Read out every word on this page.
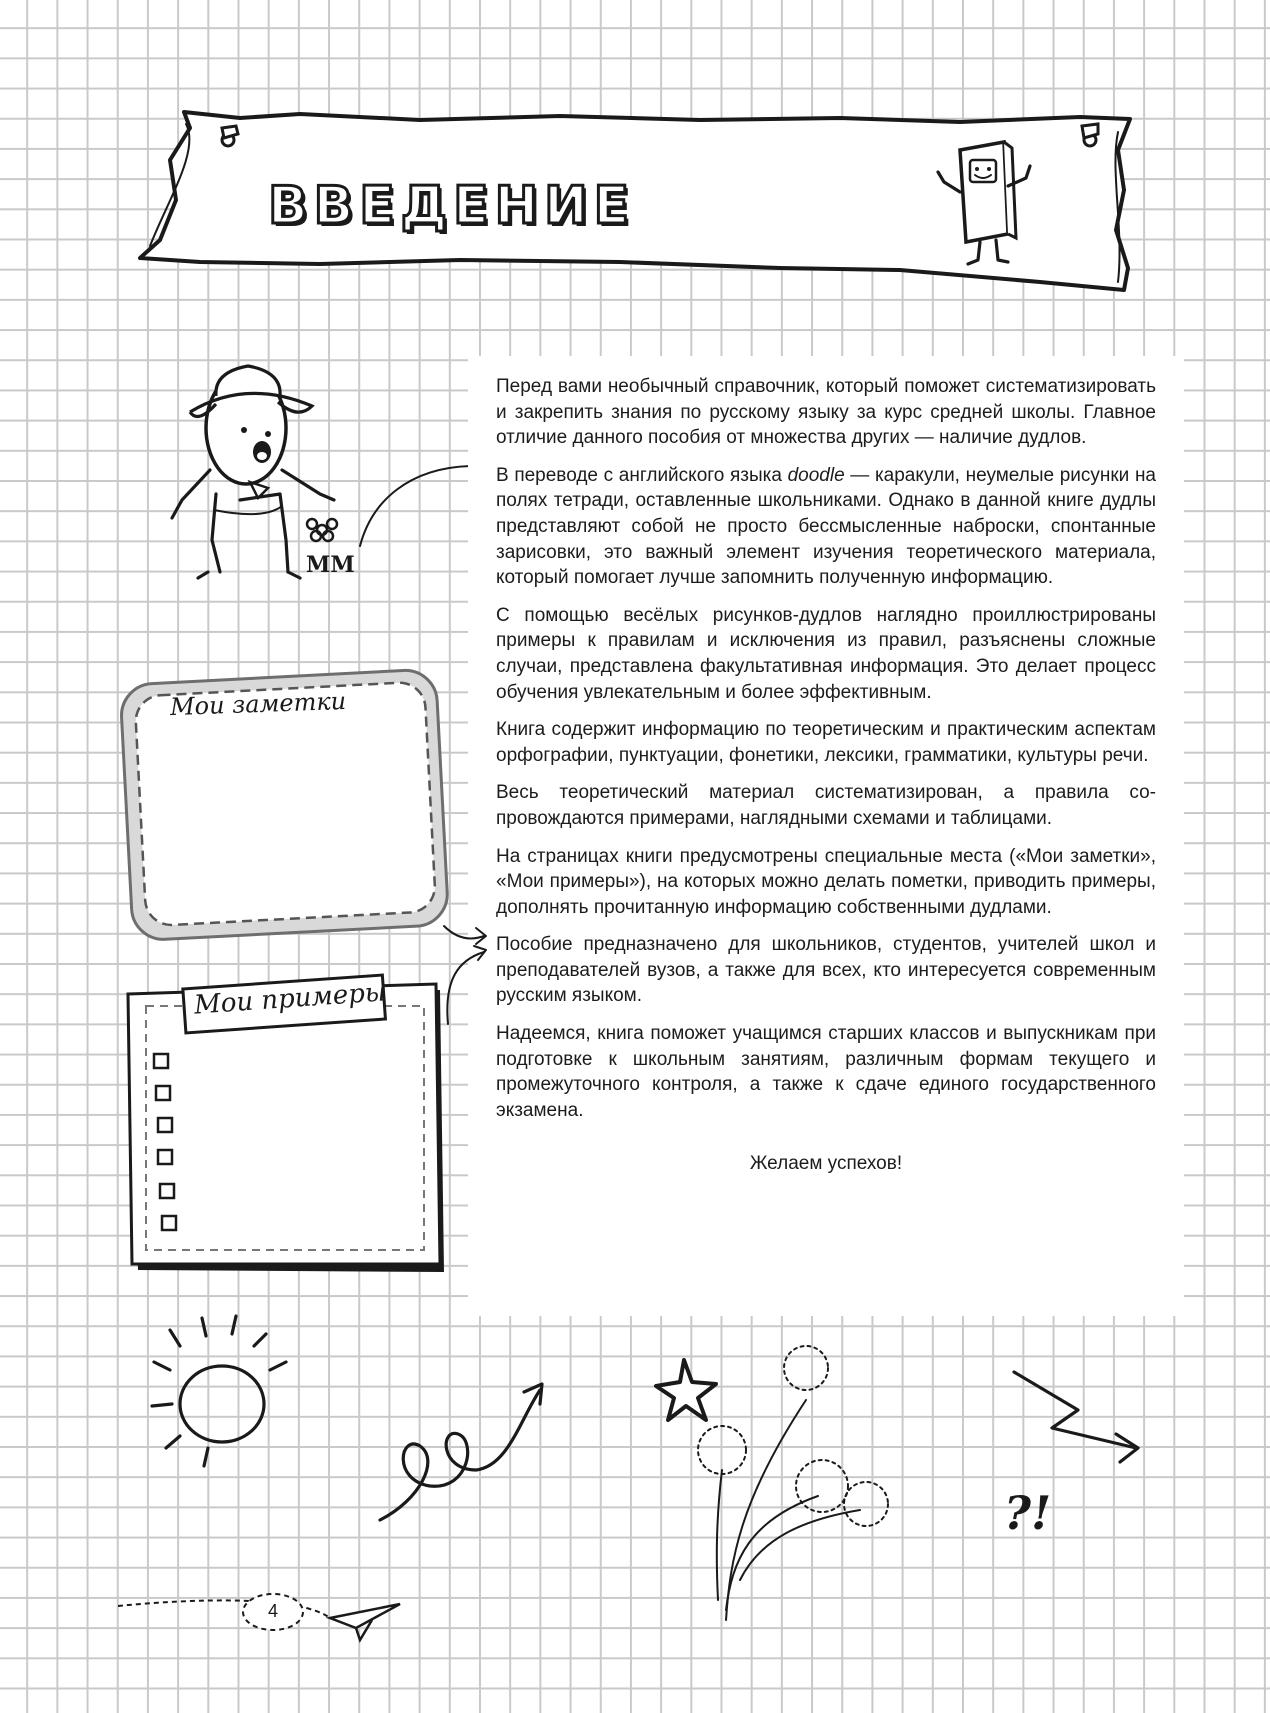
ВВЕДЕНИЕ
MM

Перед вами необычный справочник, который поможет систематизировать и закрепить знания по русскому языку за курс средней школы. Главное отличие данного пособия от множества других — наличие дудлов.

В переводе с английского языка doodle — каракули, неумелые рисунки на полях тетради, оставленные школьниками. Однако в данной книге дудлы представляют собой не просто бессмысленные наброски, спонтанные зарисовки, это важный элемент изучения теоретического материала, который помогает лучше запомнить полученную информацию.

С помощью весёлых рисунков-дудлов наглядно проиллюстрированы примеры к правилам и исключения из правил, разъяснены сложные случаи, представлена факультативная информация. Это делает процесс обучения увлекательным и более эффективным.

Книга содержит информацию по теоретическим и практическим аспектам орфографии, пунктуации, фонетики, лексики, грамматики, культуры речи.

Весь теоретический материал систематизирован, а правила сопровождаются примерами, наглядными схемами и таблицами.

На страницах книги предусмотрены специальные места («Мои заметки», «Мои примеры»), на которых можно делать пометки, приводить примеры, дополнять прочитанную информацию собственными дудлами.

Пособие предназначено для школьников, студентов, учителей школ и преподавателей вузов, а также для всех, кто интересуется современным русским языком.

Надеемся, книга поможет учащимся старших классов и выпускникам при подготовке к школьным занятиям, различным формам текущего и промежуточного контроля, а также к сдаче единого государственного экзамена.

Желаем успехов!
Мои заметки
Мои примеры
?!
4
